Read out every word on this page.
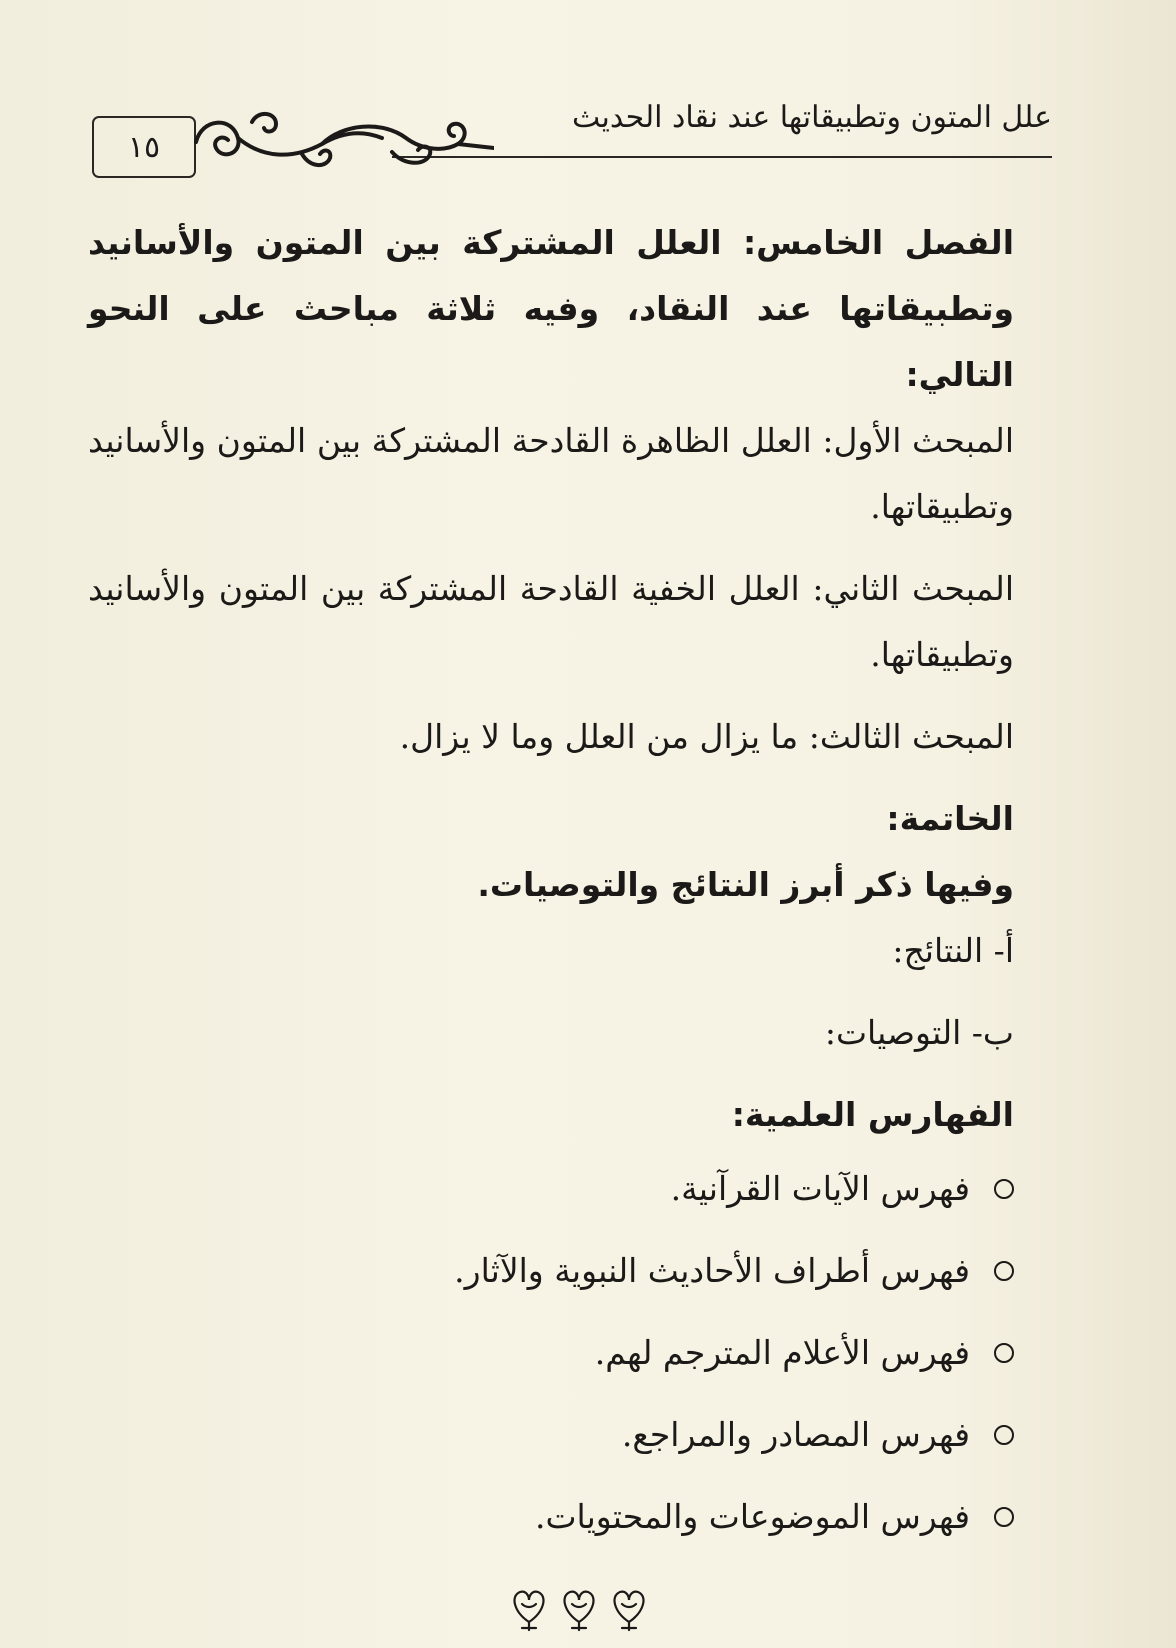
علل المتون وتطبيقاتها عند نقاد الحديث
١٥

الفصل الخامس: العلل المشتركة بين المتون والأسانيد وتطبيقاتها عند النقاد، وفيه ثلاثة مباحث على النحو التالي:

المبحث الأول: العلل الظاهرة القادحة المشتركة بين المتون والأسانيد وتطبيقاتها.

المبحث الثاني: العلل الخفية القادحة المشتركة بين المتون والأسانيد وتطبيقاتها.

المبحث الثالث: ما يزال من العلل وما لا يزال.

الخاتمة:

وفيها ذكر أبرز النتائج والتوصيات.

أ- النتائج:

ب- التوصيات:

الفهارس العلمية:

فهرس الآيات القرآنية.
فهرس أطراف الأحاديث النبوية والآثار.
فهرس الأعلام المترجم لهم.
فهرس المصادر والمراجع.
فهرس الموضوعات والمحتويات.
